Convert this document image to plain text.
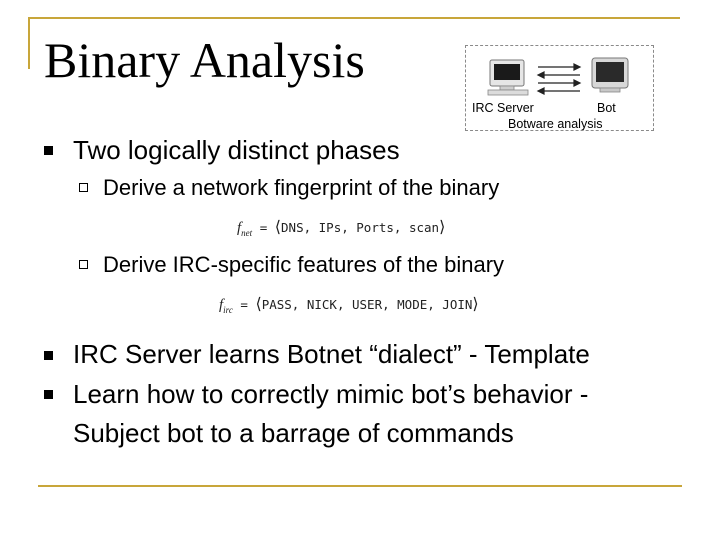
Binary Analysis
IRC Server	Bot
Botware analysis
Two logically distinct phases
Derive a network fingerprint of the binary
$f_{net}$ = ⟨DNS, IPs, Ports, scan⟩
Derive IRC-specific features of the binary
$f_{irc}$ = ⟨PASS, NICK, USER, MODE, JOIN⟩
IRC Server learns Botnet “dialect” - Template
Learn how to correctly mimic bot’s behavior -
Subject bot to a barrage of commands
